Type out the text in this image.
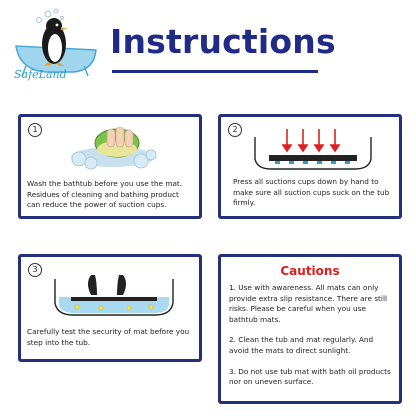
SafeLand
Instructions
1
Wash the bathtub before you use the mat. Residues of cleaning and bathing product can reduce the power of suction cups.
2
Press all suctions cups down by hand to make sure all suction cups suck on the tub firmly.
3
Carefully test the security of mat before you step into the tub.
Cautions

1. Use with awareness. All mats can only provide extra slip resistance. There are still risks. Please be careful when you use bathtub mats.

2. Clean the tub and mat regularly. And avoid the mats to direct sunlight.

3. Do not use tub mat with bath oil products nor on uneven surface.
